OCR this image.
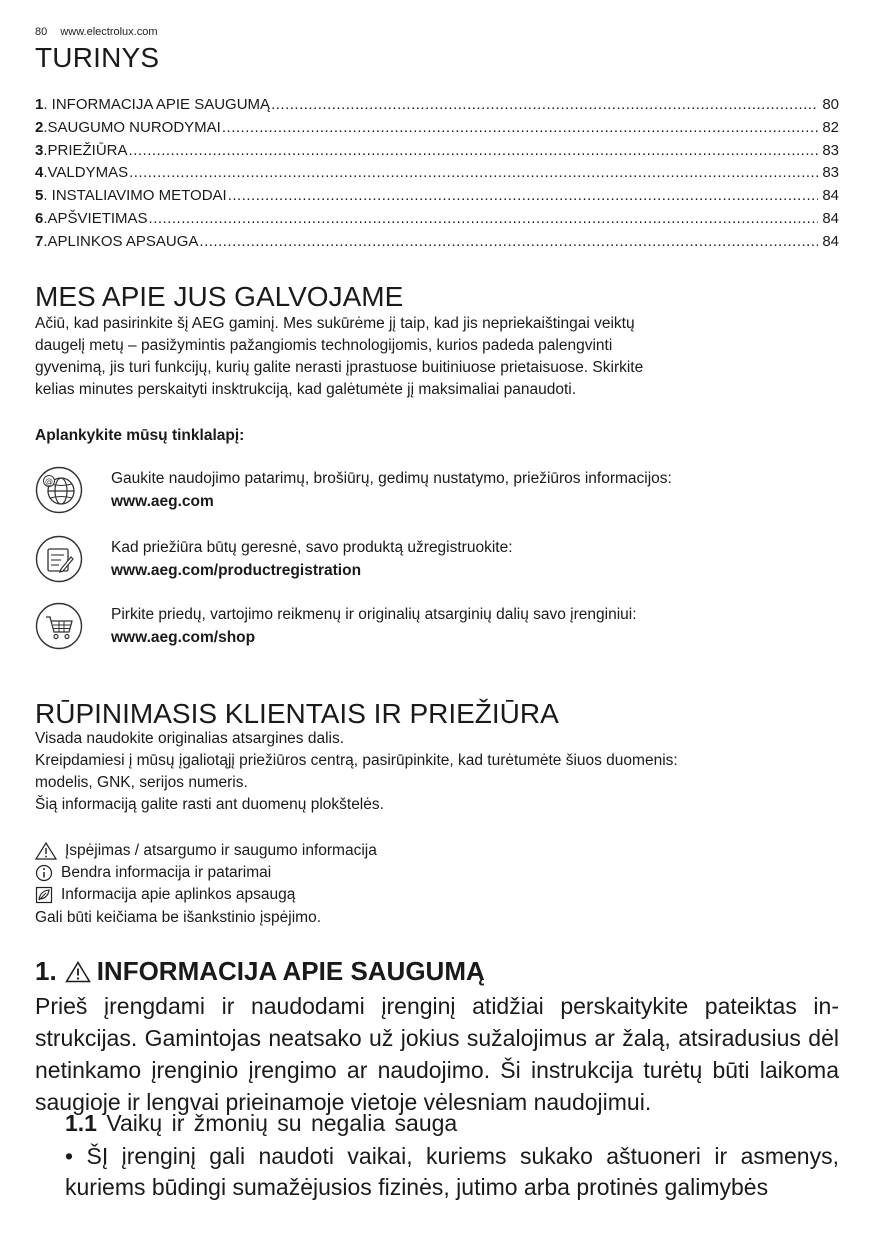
80 www.electrolux.com
TURINYS
1 . INFORMACIJA APIE SAUGUMĄ .....	80
2 .SAUGUMO NURODYMAI .....	82
3 .PRIEŽIŪRA .....	83
4 .VALDYMAS .....	83
5 . INSTALIAVIMO METODAI .....	84
6 .APŠVIETIMAS .....	84
7 .APLINKOS APSAUGA .....	84
MES APIE JUS GALVOJAME

Ačiū, kad pasirinkite šį AEG gaminį. Mes sukūrėme jį taip, kad jis nepriekaištingai veiktų

daugelį metų – pasižymintis pažangiomis technologijomis, kurios padeda palengvinti

gyvenimą, jis turi funkcijų, kurių galite nerasti įprastuose buitiniuose prietaisuose. Skirkite

kelias minutes perskaityti insktrukciją, kad galėtumėte jį maksimaliai panaudoti.

Aplankykite mūsų tinklalapį:
@	Gaukite naudojimo patarimų, brošiūrų, gedimų nustatymo, priežiūros informacijos:
www.aeg.com
Kad priežiūra būtų geresnė, savo produktą užregistruokite:
www.aeg.com/productregistration
Pirkite priedų, vartojimo reikmenų ir originalių atsarginių dalių savo įrenginiui:
www.aeg.com/shop
RŪPINIMASIS KLIENTAIS IR PRIEŽIŪRA

Visada naudokite originalias atsargines dalis.

Kreipdamiesi į mūsų įgaliotąjį priežiūros centrą, pasirūpinkite, kad turėtumėte šiuos duomenis:

modelis, GNK, serijos numeris.

Šią informaciją galite rasti ant duomenų plokštelės.

Įspėjimas / atsargumo ir saugumo informacija
Bendra informacija ir patarimai
Informacija apie aplinkos apsaugą

Gali būti keičiama be išankstinio įspėjimo.

1. INFORMACIJA APIE SAUGUMĄ

Prieš įrengdami ir naudodami įrenginį atidžiai perskaitykite pateiktas in-strukcijas. Gamintojas neatsako už jokius sužalojimus ar žalą, atsiradusius dėl netinkamo įrenginio įrengimo ar naudojimo. Ši instrukcija turėtų būti laikoma saugioje ir lengvai prieinamoje vietoje vėlesniam naudojimui.

1.1 Vaikų ir žmonių su negalia sauga

• ŠĮ įrenginį gali naudoti vaikai, kuriems sukako aštuoneri ir asmenys, kuriems būdingi sumažėjusios fizinės, jutimo arba protinės galimybės
